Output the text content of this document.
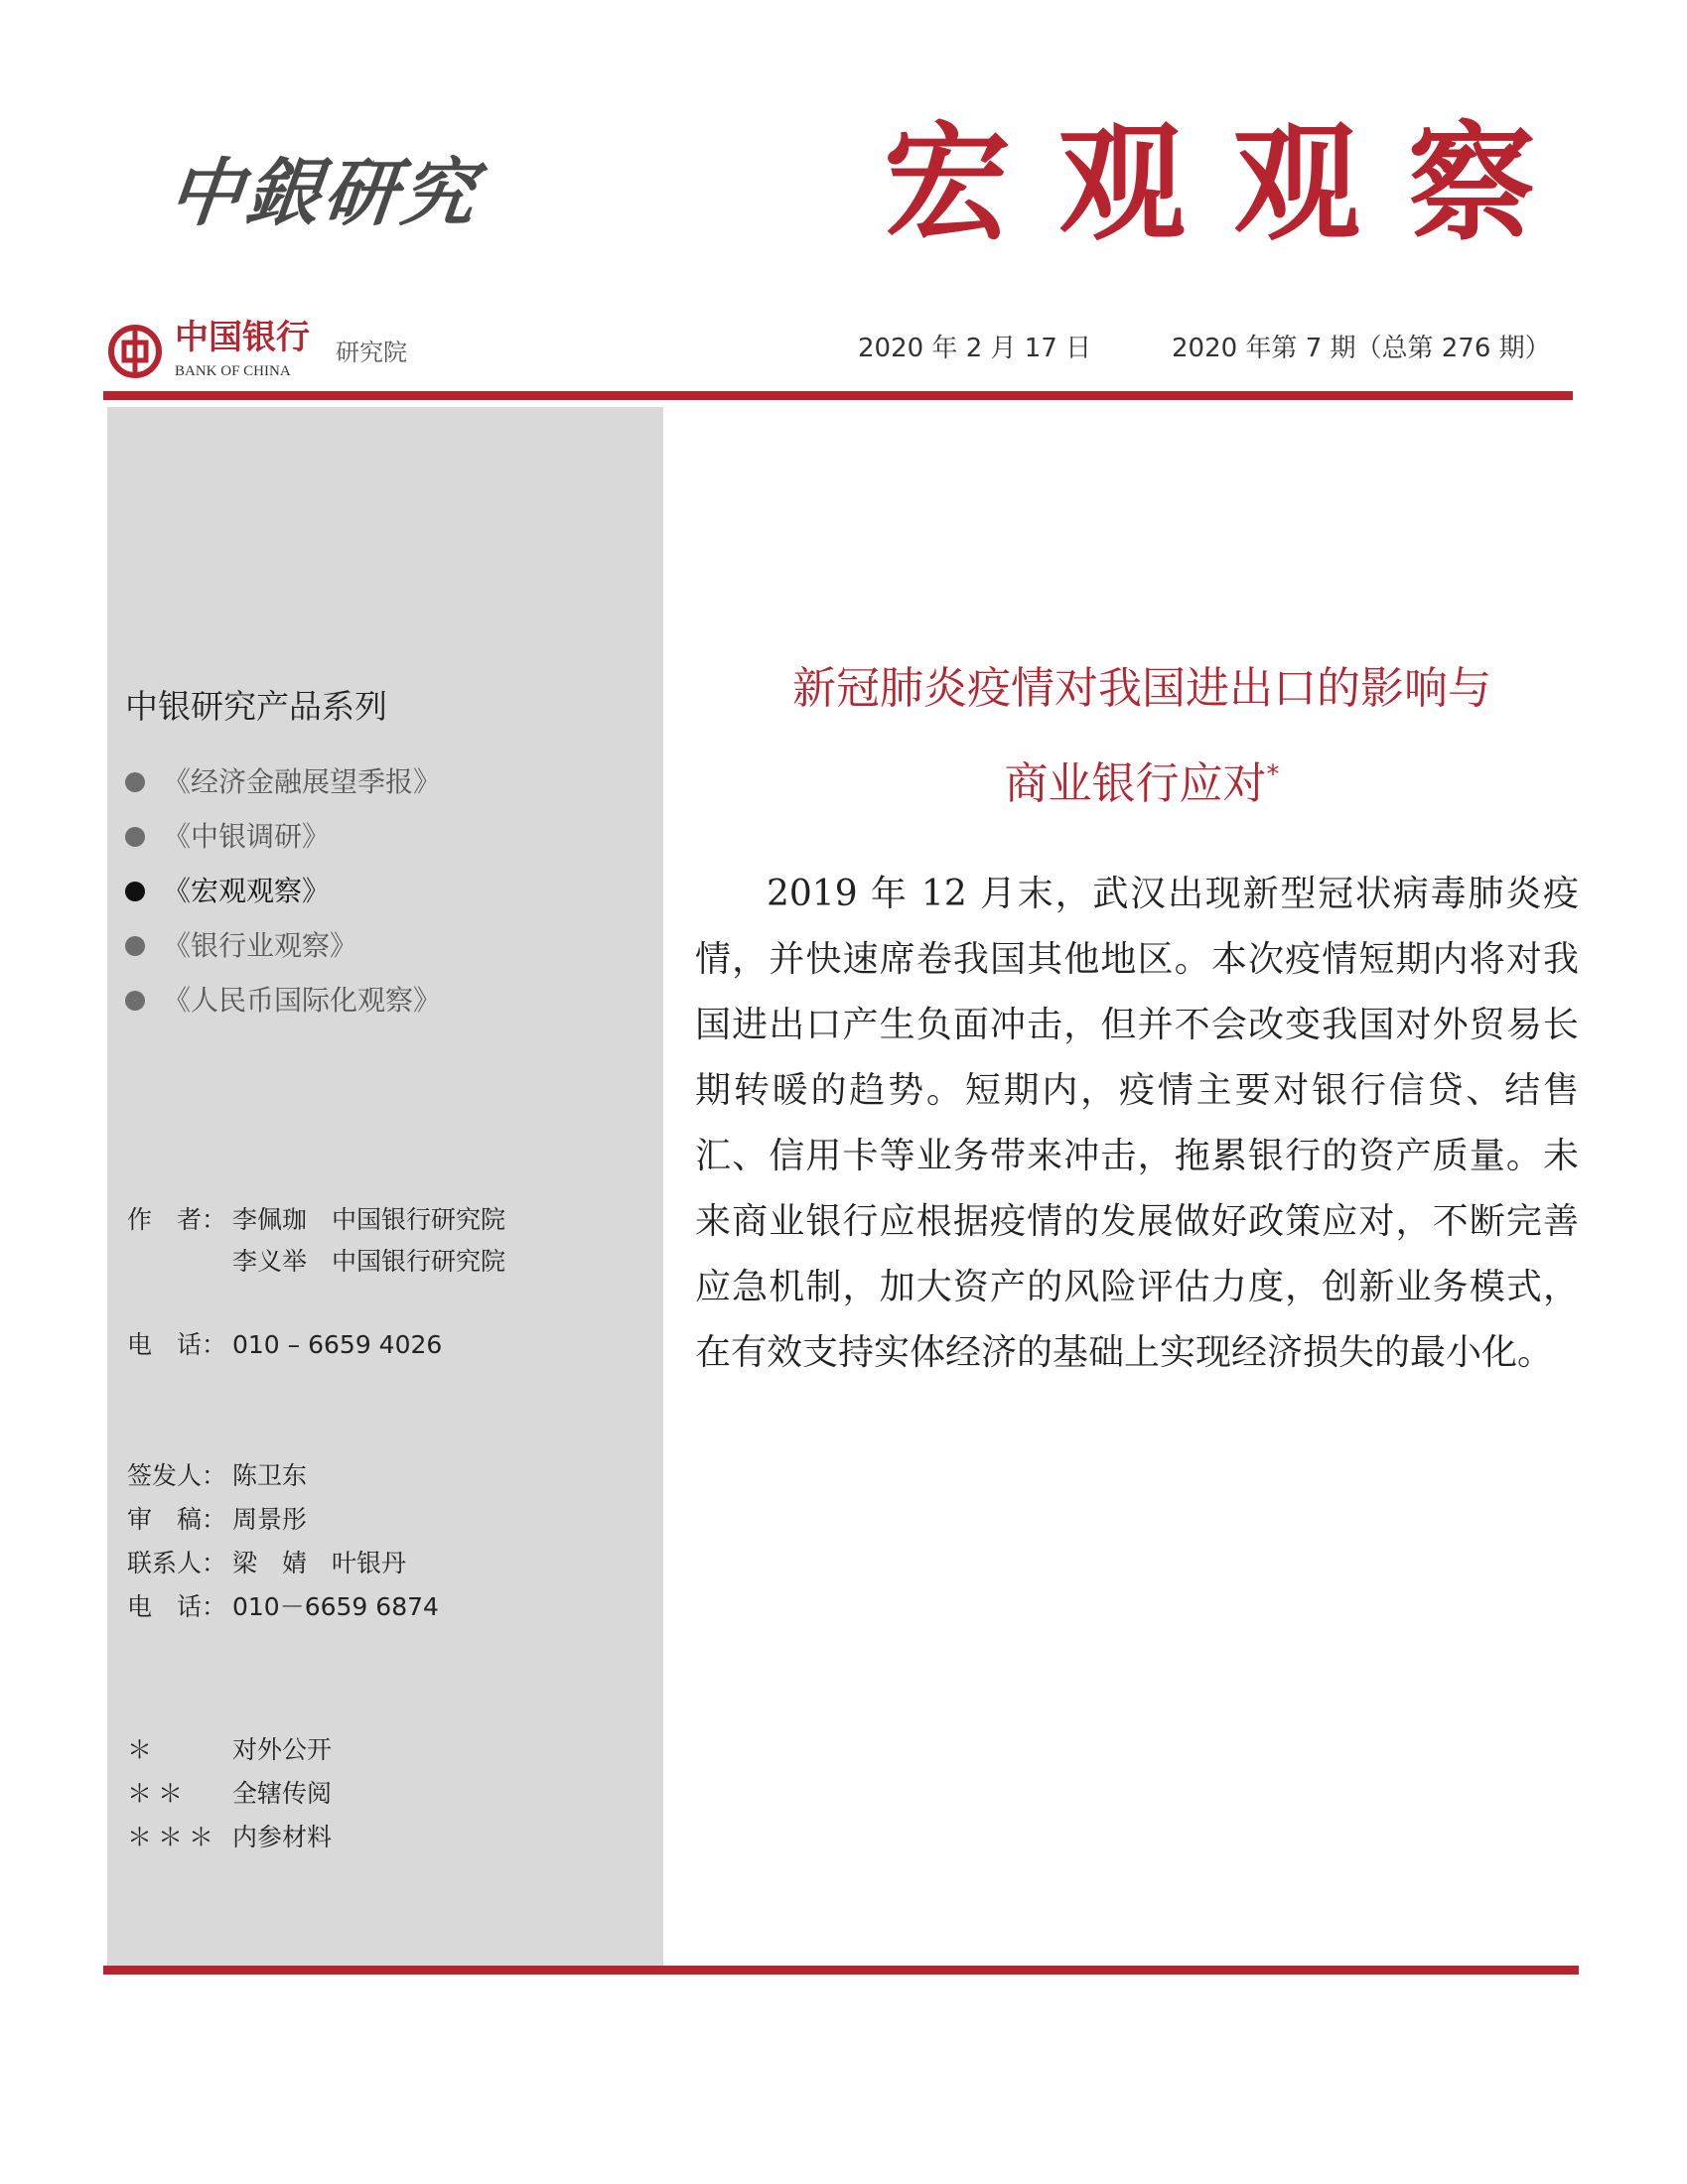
中銀研究	宏观观察
中国银行
BANK OF CHINA
研究院	2020 年 2 月 17 日	2020 年第 7 期（总第 276 期）
中银研究产品系列
《经济金融展望季报》
《中银调研》
《宏观观察》
《银行业观察》
《人民币国际化观察》
作　者： 李佩珈　 中国银行研究院
李义举　 中国银行研究院
电　话： 010 – 6659 4026
签发人： 陈卫东
审　稿： 周景彤
联系人： 梁　婧　叶银丹
电　话： 010－6659 6874
＊	对外公开
＊＊ 全辖传阅
＊＊＊ 内参材料
新冠肺炎疫情对我国进出口的影响与
商业银行应对*

2019 年 12 月末，武汉出现新型冠状病毒肺炎疫情，并快速席卷我国其他地区。本次疫情短期内将对我国进出口产生负面冲击，但并不会改变我国对外贸易长期转暖的趋势。短期内，疫情主要对银行信贷、结售汇、信用卡等业务带来冲击，拖累银行的资产质量。未来商业银行应根据疫情的发展做好政策应对，不断完善应急机制，加大资产的风险评估力度，创新业务模式，在有效支持实体经济的基础上实现经济损失的最小化。
